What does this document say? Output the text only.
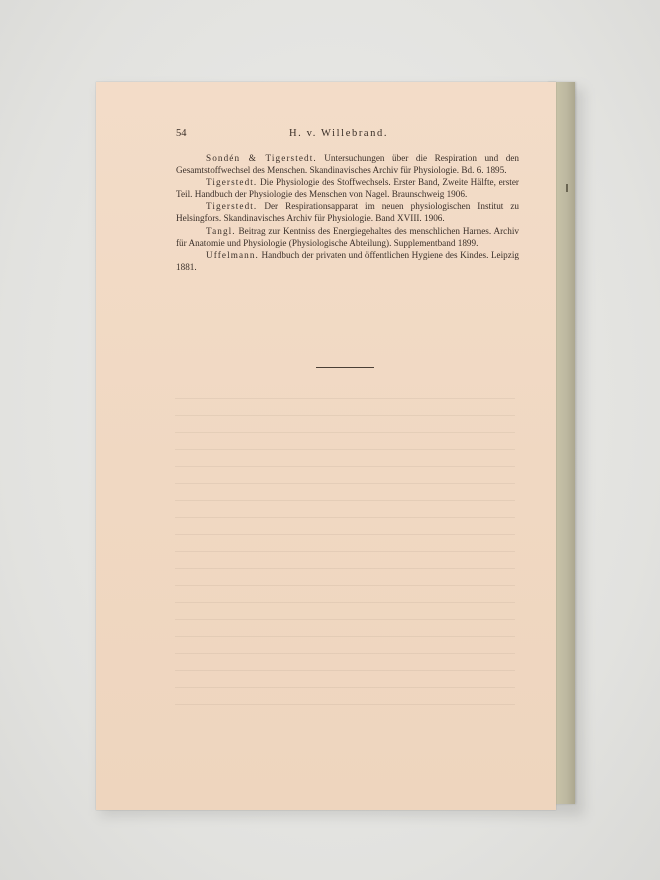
54	H. v. Willebrand.

Sondén & Tigerstedt. Untersuchungen über die Respiration und den Gesamtstoffwechsel des Menschen. Skandinavisches Archiv für Physiologie. Bd. 6. 1895.

Tigerstedt. Die Physiologie des Stoffwechsels. Erster Band, Zweite Hälfte, erster Teil. Handbuch der Physiologie des Menschen von Nagel. Braunschweig 1906.

Tigerstedt. Der Respirationsapparat im neuen physiologischen Institut zu Helsingfors. Skandinavisches Archiv für Physiologie. Band XVIII. 1906.

Tangl. Beitrag zur Kentniss des Energiegehaltes des menschlichen Harnes. Archiv für Anatomie und Physiologie (Physiologische Abteilung). Supplementband 1899.

Uffelmann. Handbuch der privaten und öffentlichen Hygiene des Kindes. Leipzig 1881.
